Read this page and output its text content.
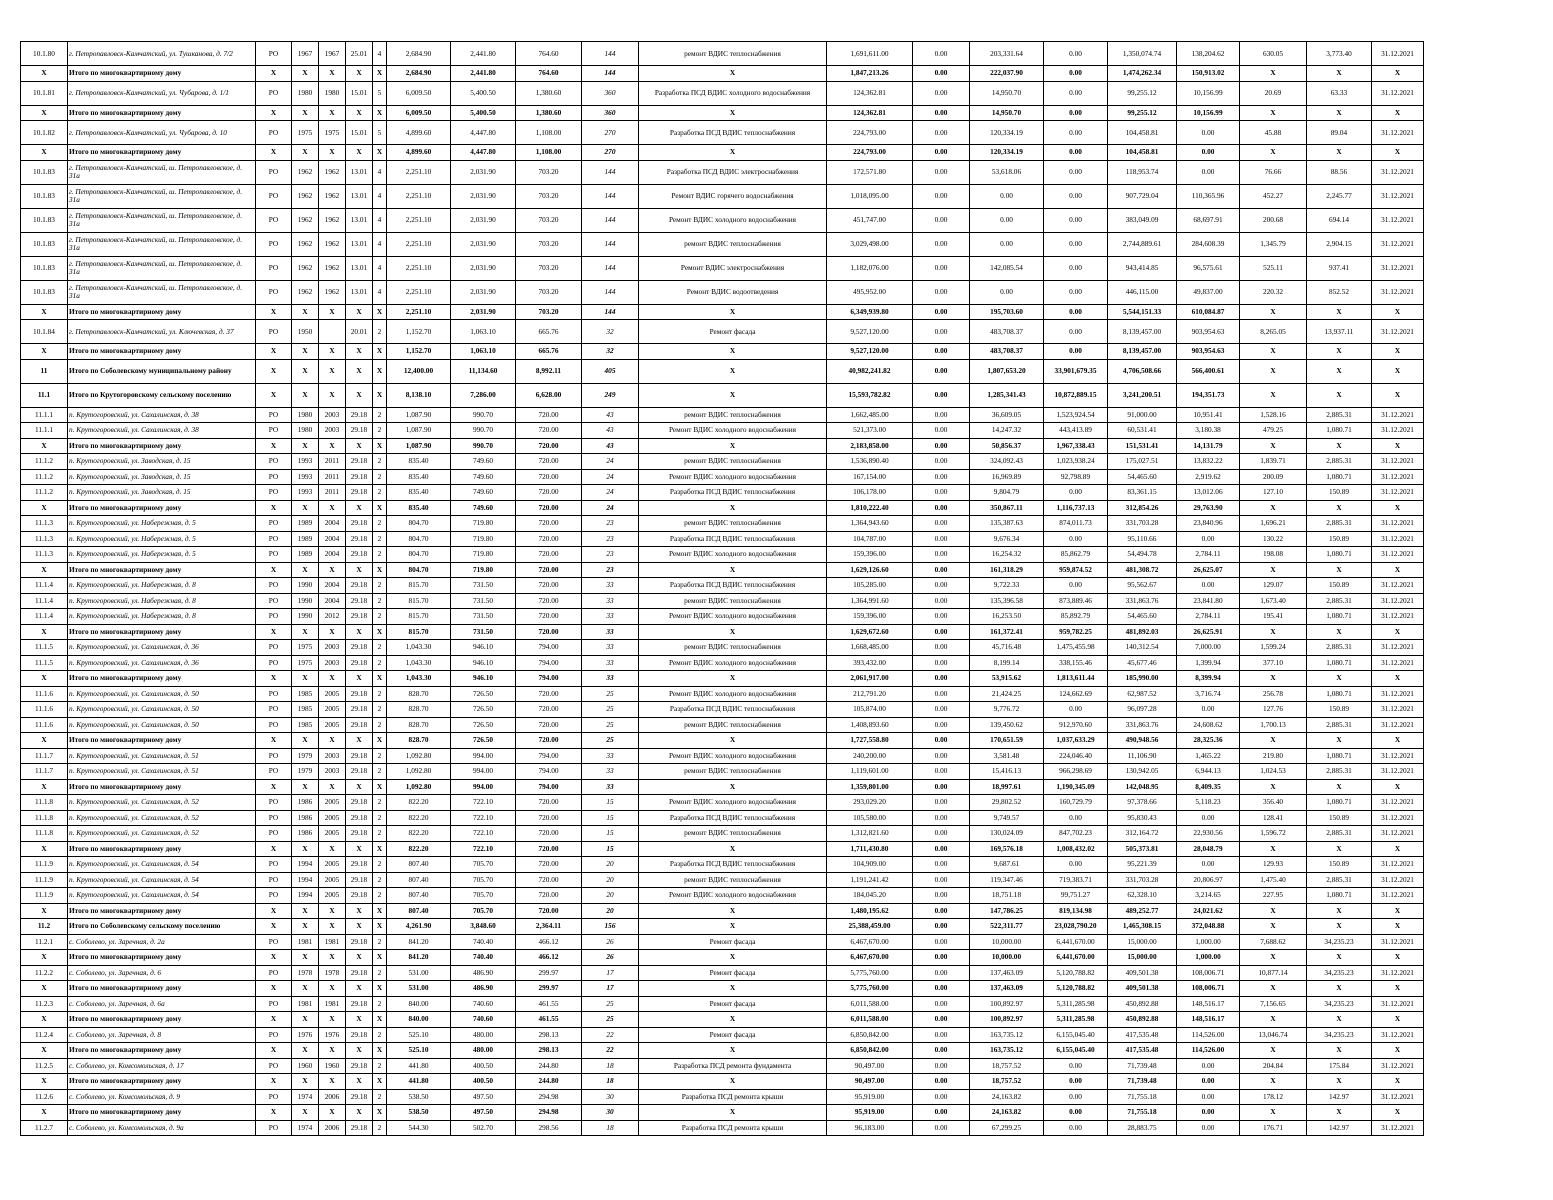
10.1.80	г. Петропавловск-Камчатский, ул. Тушканова, д. 7/2	РО	1967	1967	25.01	4	2,684.90	2,441.80	764.60	144	ремонт ВДИС теплоснабжения	1,691,611.00	0.00	203,331.64	0.00	1,350,074.74	138,204.62	630.05	3,773.40	31.12.2021
X	Итого по многоквартирному дому	X	X	X	X	X	2,684.90	2,441.80	764.60	144	X	1,847,213.26	0.00	222,037.90	0.00	1,474,262.34	150,913.02	X	X	X
10.1.81	г. Петропавловск-Камчатский, ул. Чубарова, д. 1/1	РО	1980	1980	15.01	5	6,009.50	5,400.50	1,380.60	360	Разработка ПСД ВДИС холодного водоснабжения	124,362.81	0.00	14,950.70	0.00	99,255.12	10,156.99	20.69	63.33	31.12.2021
X	Итого по многоквартирному дому	X	X	X	X	X	6,009.50	5,400.50	1,380.60	360	X	124,362.81	0.00	14,950.70	0.00	99,255.12	10,156.99	X	X	X
10.1.82	г. Петропавловск-Камчатский, ул. Чубарова, д. 10	РО	1975	1975	15.01	5	4,899.60	4,447.80	1,108.00	270	Разработка ПСД ВДИС теплоснабжения	224,793.00	0.00	120,334.19	0.00	104,458.81	0.00	45.88	89.04	31.12.2021
X	Итого по многоквартирному дому	X	X	X	X	X	4,899.60	4,447.80	1,108.00	270	X	224,793.00	0.00	120,334.19	0.00	104,458.81	0.00	X	X	X
10.1.83	г. Петропавловск-Камчатский, ш. Петропавловское, д. 31а	РО	1962	1962	13.01	4	2,251.10	2,031.90	703.20	144	Разработка ПСД ВДИС электроснабжения	172,571.80	0.00	53,618.06	0.00	118,953.74	0.00	76.66	88.56	31.12.2021
10.1.83	г. Петропавловск-Камчатский, ш. Петропавловское, д. 31а	РО	1962	1962	13.01	4	2,251.10	2,031.90	703.20	144	Ремонт ВДИС горячего водоснабжения	1,018,095.00	0.00	0.00	0.00	907,729.04	110,365.96	452.27	2,245.77	31.12.2021
10.1.83	г. Петропавловск-Камчатский, ш. Петропавловское, д. 31а	РО	1962	1962	13.01	4	2,251.10	2,031.90	703.20	144	Ремонт ВДИС холодного водоснабжения	451,747.00	0.00	0.00	0.00	383,049.09	68,697.91	200.68	694.14	31.12.2021
10.1.83	г. Петропавловск-Камчатский, ш. Петропавловское, д. 31а	РО	1962	1962	13.01	4	2,251.10	2,031.90	703.20	144	ремонт ВДИС теплоснабжения	3,029,498.00	0.00	0.00	0.00	2,744,889.61	284,608.39	1,345.79	2,904.15	31.12.2021
10.1.83	г. Петропавловск-Камчатский, ш. Петропавловское, д. 31а	РО	1962	1962	13.01	4	2,251.10	2,031.90	703.20	144	Ремонт ВДИС электроснабжения	1,182,076.00	0.00	142,085.54	0.00	943,414.85	96,575.61	525.11	937.41	31.12.2021
10.1.83	г. Петропавловск-Камчатский, ш. Петропавловское, д. 31а	РО	1962	1962	13.01	4	2,251.10	2,031.90	703.20	144	Ремонт ВДИС водоотведения	495,952.00	0.00	0.00	0.00	446,115.00	49,837.00	220.32	852.52	31.12.2021
X	Итого по многоквартирному дому	X	X	X	X	X	2,251.10	2,031.90	703.20	144	X	6,349,939.80	0.00	195,703.60	0.00	5,544,151.33	610,084.87	X	X	X
10.1.84	г. Петропавловск-Камчатский, ул. Ключевская, д. 37	РО	1950		20.01	2	1,152.70	1,063.10	665.76	32	Ремонт фасада	9,527,120.00	0.00	483,708.37	0.00	8,139,457.00	903,954.63	8,265.05	13,937.11	31.12.2021
X	Итого по многоквартирному дому	X	X	X	X	X	1,152.70	1,063.10	665.76	32	X	9,527,120.00	0.00	483,708.37	0.00	8,139,457.00	903,954.63	X	X	X
11	Итого по Соболевскому муниципальному району	X	X	X	X	X	12,400.00	11,134.60	8,992.11	405	X	40,982,241.82	0.00	1,807,653.20	33,901,679.35	4,706,508.66	566,400.61	X	X	X
11.1	Итого по Крутогоровскому сельскому поселению	X	X	X	X	X	8,138.10	7,286.00	6,628.00	249	X	15,593,782.82	0.00	1,285,341.43	10,872,889.15	3,241,200.51	194,351.73	X	X	X
11.1.1	п. Крутогоровский, ул. Сахалинская, д. 38	РО	1980	2003	29.18	2	1,087.90	990.70	720.00	43	ремонт ВДИС теплоснабжения	1,662,485.00	0.00	36,609.05	1,523,924.54	91,000.00	10,951.41	1,528.16	2,885.31	31.12.2021
11.1.1	п. Крутогоровский, ул. Сахалинская, д. 38	РО	1980	2003	29.18	2	1,087.90	990.70	720.00	43	Ремонт ВДИС холодного водоснабжения	521,373.00	0.00	14,247.32	443,413.89	60,531.41	3,180.38	479.25	1,080.71	31.12.2021
X	Итого по многоквартирному дому	X	X	X	X	X	1,087.90	990.70	720.00	43	X	2,183,858.00	0.00	50,856.37	1,967,338.43	151,531.41	14,131.79	X	X	X
11.1.2	п. Крутогоровский, ул. Заводская, д. 15	РО	1993	2011	29.18	2	835.40	749.60	720.00	24	ремонт ВДИС теплоснабжения	1,536,890.40	0.00	324,092.43	1,023,938.24	175,027.51	13,832.22	1,839.71	2,885.31	31.12.2021
11.1.2	п. Крутогоровский, ул. Заводская, д. 15	РО	1993	2011	29.18	2	835.40	749.60	720.00	24	Ремонт ВДИС холодного водоснабжения	167,154.00	0.00	16,969.89	92,798.89	54,465.60	2,919.62	200.09	1,080.71	31.12.2021
11.1.2	п. Крутогоровский, ул. Заводская, д. 15	РО	1993	2011	29.18	2	835.40	749.60	720.00	24	Разработка ПСД ВДИС теплоснабжения	106,178.00	0.00	9,804.79	0.00	83,361.15	13,012.06	127.10	150.89	31.12.2021
X	Итого по многоквартирному дому	X	X	X	X	X	835.40	749.60	720.00	24	X	1,810,222.40	0.00	350,867.11	1,116,737.13	312,854.26	29,763.90	X	X	X
11.1.3	п. Крутогоровский, ул. Набережная, д. 5	РО	1989	2004	29.18	2	804.70	719.80	720.00	23	ремонт ВДИС теплоснабжения	1,364,943.60	0.00	135,387.63	874,011.73	331,703.28	23,840.96	1,696.21	2,885.31	31.12.2021
11.1.3	п. Крутогоровский, ул. Набережная, д. 5	РО	1989	2004	29.18	2	804.70	719.80	720.00	23	Разработка ПСД ВДИС теплоснабжения	104,787.00	0.00	9,676.34	0.00	95,110.66	0.00	130.22	150.89	31.12.2021
11.1.3	п. Крутогоровский, ул. Набережная, д. 5	РО	1989	2004	29.18	2	804.70	719.80	720.00	23	Ремонт ВДИС холодного водоснабжения	159,396.00	0.00	16,254.32	85,862.79	54,494.78	2,784.11	198.08	1,080.71	31.12.2021
X	Итого по многоквартирному дому	X	X	X	X	X	804.70	719.80	720.00	23	X	1,629,126.60	0.00	161,318.29	959,874.52	481,308.72	26,625.07	X	X	X
11.1.4	п. Крутогоровский, ул. Набережная, д. 8	РО	1990	2004	29.18	2	815.70	731.50	720.00	33	Разработка ПСД ВДИС теплоснабжения	105,285.00	0.00	9,722.33	0.00	95,562.67	0.00	129.07	150.89	31.12.2021
11.1.4	п. Крутогоровский, ул. Набережная, д. 8	РО	1990	2004	29.18	2	815.70	731.50	720.00	33	ремонт ВДИС теплоснабжения	1,364,991.60	0.00	135,396.58	873,889.46	331,863.76	23,841.80	1,673.40	2,885.31	31.12.2021
11.1.4	п. Крутогоровский, ул. Набережная, д. 8	РО	1990	2012	29.18	2	815.70	731.50	720.00	33	Ремонт ВДИС холодного водоснабжения	159,396.00	0.00	16,253.50	85,892.79	54,465.60	2,784.11	195.41	1,080.71	31.12.2021
X	Итого по многоквартирному дому	X	X	X	X	X	815.70	731.50	720.00	33	X	1,629,672.60	0.00	161,372.41	959,782.25	481,892.03	26,625.91	X	X	X
11.1.5	п. Крутогоровский, ул. Сахалинская, д. 36	РО	1975	2003	29.18	2	1,043.30	946.10	794.00	33	ремонт ВДИС теплоснабжения	1,668,485.00	0.00	45,716.48	1,475,455.98	140,312.54	7,000.00	1,599.24	2,885.31	31.12.2021
11.1.5	п. Крутогоровский, ул. Сахалинская, д. 36	РО	1975	2003	29.18	2	1,043.30	946.10	794.00	33	Ремонт ВДИС холодного водоснабжения	393,432.00	0.00	8,199.14	338,155.46	45,677.46	1,399.94	377.10	1,080.71	31.12.2021
X	Итого по многоквартирному дому	X	X	X	X	X	1,043.30	946.10	794.00	33	X	2,061,917.00	0.00	53,915.62	1,813,611.44	185,990.00	8,399.94	X	X	X
11.1.6	п. Крутогоровский, ул. Сахалинская, д. 50	РО	1985	2005	29.18	2	828.70	726.50	720.00	25	Ремонт ВДИС холодного водоснабжения	212,791.20	0.00	21,424.25	124,662.69	62,987.52	3,716.74	256.78	1,080.71	31.12.2021
11.1.6	п. Крутогоровский, ул. Сахалинская, д. 50	РО	1985	2005	29.18	2	828.70	726.50	720.00	25	Разработка ПСД ВДИС теплоснабжения	105,874.00	0.00	9,776.72	0.00	96,097.28	0.00	127.76	150.89	31.12.2021
11.1.6	п. Крутогоровский, ул. Сахалинская, д. 50	РО	1985	2005	29.18	2	828.70	726.50	720.00	25	ремонт ВДИС теплоснабжения	1,408,893.60	0.00	139,450.62	912,970.60	331,863.76	24,608.62	1,700.13	2,885.31	31.12.2021
X	Итого по многоквартирному дому	X	X	X	X	X	828.70	726.50	720.00	25	X	1,727,558.80	0.00	170,651.59	1,037,633.29	490,948.56	28,325.36	X	X	X
11.1.7	п. Крутогоровский, ул. Сахалинская, д. 51	РО	1979	2003	29.18	2	1,092.80	994.00	794.00	33	Ремонт ВДИС холодного водоснабжения	240,200.00	0.00	3,581.48	224,046.40	11,106.90	1,465.22	219.80	1,080.71	31.12.2021
11.1.7	п. Крутогоровский, ул. Сахалинская, д. 51	РО	1979	2003	29.18	2	1,092.80	994.00	794.00	33	ремонт ВДИС теплоснабжения	1,119,601.00	0.00	15,416.13	966,298.69	130,942.05	6,944.13	1,024.53	2,885.31	31.12.2021
X	Итого по многоквартирному дому	X	X	X	X	X	1,092.80	994.00	794.00	33	X	1,359,801.00	0.00	18,997.61	1,190,345.09	142,048.95	8,409.35	X	X	X
11.1.8	п. Крутогоровский, ул. Сахалинская, д. 52	РО	1986	2005	29.18	2	822.20	722.10	720.00	15	Ремонт ВДИС холодного водоснабжения	293,029.20	0.00	29,802.52	160,729.79	97,378.66	5,118.23	356.40	1,080.71	31.12.2021
11.1.8	п. Крутогоровский, ул. Сахалинская, д. 52	РО	1986	2005	29.18	2	822.20	722.10	720.00	15	Разработка ПСД ВДИС теплоснабжения	105,580.00	0.00	9,749.57	0.00	95,830.43	0.00	128.41	150.89	31.12.2021
11.1.8	п. Крутогоровский, ул. Сахалинская, д. 52	РО	1986	2005	29.18	2	822.20	722.10	720.00	15	ремонт ВДИС теплоснабжения	1,312,821.60	0.00	130,024.09	847,702.23	312,164.72	22,930.56	1,596.72	2,885.31	31.12.2021
X	Итого по многоквартирному дому	X	X	X	X	X	822.20	722.10	720.00	15	X	1,711,430.80	0.00	169,576.18	1,008,432.02	505,373.81	28,048.79	X	X	X
11.1.9	п. Крутогоровский, ул. Сахалинская, д. 54	РО	1994	2005	29.18	2	807.40	705.70	720.00	20	Разработка ПСД ВДИС теплоснабжения	104,909.00	0.00	9,687.61	0.00	95,221.39	0.00	129.93	150.89	31.12.2021
11.1.9	п. Крутогоровский, ул. Сахалинская, д. 54	РО	1994	2005	29.18	2	807.40	705.70	720.00	20	ремонт ВДИС теплоснабжения	1,191,241.42	0.00	119,347.46	719,383.71	331,703.28	20,806.97	1,475.40	2,885.31	31.12.2021
11.1.9	п. Крутогоровский, ул. Сахалинская, д. 54	РО	1994	2005	29.18	2	807.40	705.70	720.00	20	Ремонт ВДИС холодного водоснабжения	184,045.20	0.00	18,751.18	99,751.27	62,328.10	3,214.65	227.95	1,080.71	31.12.2021
X	Итого по многоквартирному дому	X	X	X	X	X	807.40	705.70	720.00	20	X	1,480,195.62	0.00	147,786.25	819,134.98	489,252.77	24,021.62	X	X	X
11.2	Итого по Соболевскому сельскому поселению	X	X	X	X	X	4,261.90	3,848.60	2,364.11	156	X	25,388,459.00	0.00	522,311.77	23,028,790.20	1,465,308.15	372,048.88	X	X	X
11.2.1	с. Соболево, ул. Заречная, д. 2а	РО	1981	1981	29.18	2	841.20	740.40	466.12	26	Ремонт фасада	6,467,670.00	0.00	10,000.00	6,441,670.00	15,000.00	1,000.00	7,688.62	34,235.23	31.12.2021
X	Итого по многоквартирному дому	X	X	X	X	X	841.20	740.40	466.12	26	X	6,467,670.00	0.00	10,000.00	6,441,670.00	15,000.00	1,000.00	X	X	X
11.2.2	с. Соболево, ул. Заречная, д. 6	РО	1978	1978	29.18	2	531.00	486.90	299.97	17	Ремонт фасада	5,775,760.00	0.00	137,463.09	5,120,788.82	409,501.38	108,006.71	10,877.14	34,235.23	31.12.2021
X	Итого по многоквартирному дому	X	X	X	X	X	531.00	486.90	299.97	17	X	5,775,760.00	0.00	137,463.09	5,120,788.82	409,501.38	108,006.71	X	X	X
11.2.3	с. Соболево, ул. Заречная, д. 6а	РО	1981	1981	29.18	2	840.00	740.60	461.55	25	Ремонт фасада	6,011,588.00	0.00	100,892.97	5,311,285.98	450,892.88	148,516.17	7,156.65	34,235.23	31.12.2021
X	Итого по многоквартирному дому	X	X	X	X	X	840.00	740.60	461.55	25	X	6,011,588.00	0.00	100,892.97	5,311,285.98	450,892.88	148,516.17	X	X	X
11.2.4	с. Соболево, ул. Заречная, д. 8	РО	1976	1976	29.18	2	525.10	480.00	298.13	22	Ремонт фасада	6,850,842.00	0.00	163,735.12	6,155,045.40	417,535.48	114,526.00	13,046.74	34,235.23	31.12.2021
X	Итого по многоквартирному дому	X	X	X	X	X	525.10	480.00	298.13	22	X	6,850,842.00	0.00	163,735.12	6,155,045.40	417,535.48	114,526.00	X	X	X
11.2.5	с. Соболево, ул. Комсомольская, д. 17	РО	1960	1960	29.18	2	441.80	400.50	244.80	18	Разработка ПСД ремонта фундамента	90,497.00	0.00	18,757.52	0.00	71,739.48	0.00	204.84	175.84	31.12.2021
X	Итого по многоквартирному дому	X	X	X	X	X	441.80	400.50	244.80	18	X	90,497.00	0.00	18,757.52	0.00	71,739.48	0.00	X	X	X
11.2.6	с. Соболево, ул. Комсомольская, д. 9	РО	1974	2006	29.18	2	538.50	497.50	294.98	30	Разработка ПСД ремонта крыши	95,919.00	0.00	24,163.82	0.00	71,755.18	0.00	178.12	142.97	31.12.2021
X	Итого по многоквартирному дому	X	X	X	X	X	538.50	497.50	294.98	30	X	95,919.00	0.00	24,163.82	0.00	71,755.18	0.00	X	X	X
11.2.7	с. Соболево, ул. Комсомольская, д. 9а	РО	1974	2006	29.18	2	544.30	502.70	298.56	18	Разработка ПСД ремонта крыши	96,183.00	0.00	67,299.25	0.00	28,883.75	0.00	176.71	142.97	31.12.2021
